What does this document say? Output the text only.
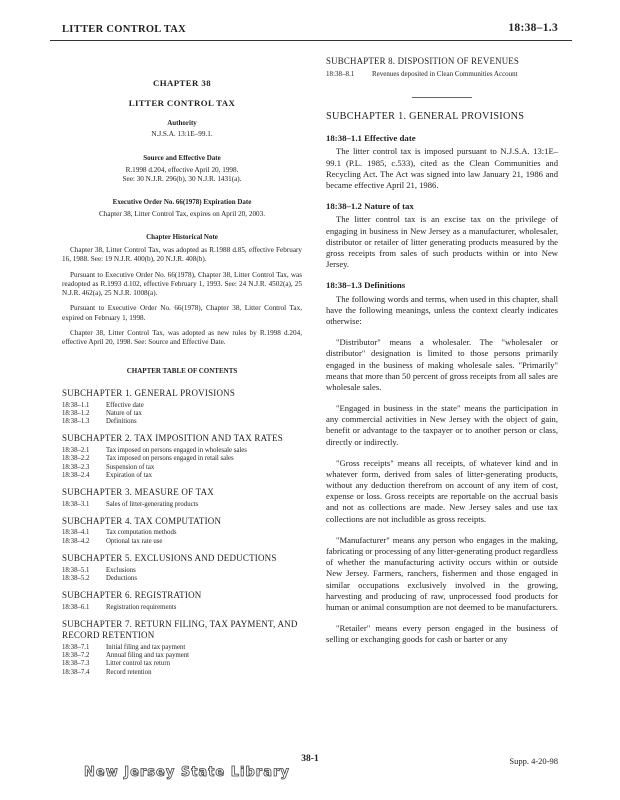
LITTER CONTROL TAX	18:38–1.3
CHAPTER 38
LITTER CONTROL TAX
Authority
N.J.S.A. 13:1E–99.1.
Source and Effective Date
R.1998 d.204, effective April 20, 1998.
See: 30 N.J.R. 296(b), 30 N.J.R. 1431(a).
Executive Order No. 66(1978) Expiration Date
Chapter 38, Litter Control Tax, expires on April 20, 2003.
Chapter Historical Note
Chapter 38, Litter Control Tax, was adopted as R.1988 d.85, effective February 16, 1988. See: 19 N.J.R. 400(b), 20 N.J.R. 408(b).
Pursuant to Executive Order No. 66(1978), Chapter 38, Litter Control Tax, was readopted as R.1993 d.102, effective February 1, 1993. See: 24 N.J.R. 4502(a), 25 N.J.R. 462(a), 25 N.J.R. 1008(a).
Pursuant to Executive Order No. 66(1978), Chapter 38, Litter Control Tax, expired on February 1, 1998.
Chapter 38, Litter Control Tax, was adopted as new rules by R.1998 d.204, effective April 20, 1998. See: Source and Effective Date.
CHAPTER TABLE OF CONTENTS
SUBCHAPTER 1. GENERAL PROVISIONS
18:38–1.1	Effective date
18:38–1.2	Nature of tax
18:38–1.3	Definitions
SUBCHAPTER 2. TAX IMPOSITION AND TAX RATES
18:38–2.1	Tax imposed on persons engaged in wholesale sales
18:38–2.2	Tax imposed on persons engaged in retail sales
18:38–2.3	Suspension of tax
18:38–2.4	Expiration of tax
SUBCHAPTER 3. MEASURE OF TAX
18:38–3.1	Sales of litter-generating products
SUBCHAPTER 4. TAX COMPUTATION
18:38–4.1	Tax computation methods
18:38–4.2	Optional tax rate use
SUBCHAPTER 5. EXCLUSIONS AND DEDUCTIONS
18:38–5.1	Exclusions
18:38–5.2	Deductions
SUBCHAPTER 6. REGISTRATION
18:38–6.1	Registration requirements
SUBCHAPTER 7. RETURN FILING, TAX PAYMENT, AND RECORD RETENTION
18:38–7.1	Initial filing and tax payment
18:38–7.2	Annual filing and tax payment
18:38–7.3	Litter control tax return
18:38–7.4	Record retention
SUBCHAPTER 8. DISPOSITION OF REVENUES
18:38–8.1	Revenues deposited in Clean Communities Account
SUBCHAPTER 1. GENERAL PROVISIONS
18:38–1.1 Effective date
The litter control tax is imposed pursuant to N.J.S.A. 13:1E–99.1 (P.L. 1985, c.533), cited as the Clean Communities and Recycling Act. The Act was signed into law January 21, 1986 and became effective April 21, 1986.
18:38–1.2 Nature of tax
The litter control tax is an excise tax on the privilege of engaging in business in New Jersey as a manufacturer, wholesaler, distributor or retailer of litter generating products measured by the gross receipts from sales of such products within or into New Jersey.
18:38–1.3 Definitions
The following words and terms, when used in this chapter, shall have the following meanings, unless the context clearly indicates otherwise:
"Distributor" means a wholesaler. The "wholesaler or distributor" designation is limited to those persons primarily engaged in the business of making wholesale sales. "Primarily" means that more than 50 percent of gross receipts from all sales are wholesale sales.
"Engaged in business in the state" means the participation in any commercial activities in New Jersey with the object of gain, benefit or advantage to the taxpayer or to another person or class, directly or indirectly.
"Gross receipts" means all receipts, of whatever kind and in whatever form, derived from sales of litter-generating products, without any deduction therefrom on account of any item of cost, expense or loss. Gross receipts are reportable on the accrual basis and not as collections are made. New Jersey sales and use tax collections are not includible as gross receipts.
"Manufacturer" means any person who engages in the making, fabricating or processing of any litter-generating product regardless of whether the manufacturing activity occurs within or outside New Jersey. Farmers, ranchers, fishermen and those engaged in similar occupations exclusively involved in the growing, harvesting and producing of raw, unprocessed food products for human or animal consumption are not deemed to be manufacturers.
"Retailer" means every person engaged in the business of selling or exchanging goods for cash or barter or any
New Jersey State Library
38-1	Supp. 4-20-98
